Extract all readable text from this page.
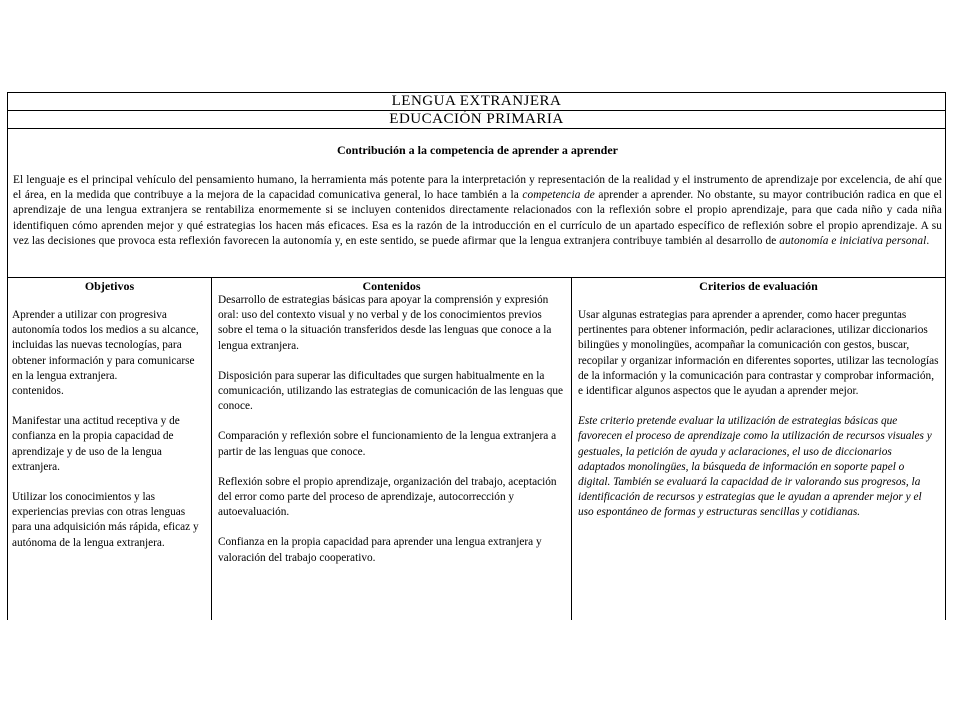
LENGUA EXTRANJERA
EDUCACIÓN PRIMARIA
Contribución a la competencia de aprender a aprender
El lenguaje es el principal vehículo del pensamiento humano, la herramienta más potente para la interpretación y representación de la realidad y el instrumento de aprendizaje por excelencia, de ahí que el área, en la medida que contribuye a la mejora de la capacidad comunicativa general, lo hace también a la competencia de aprender a aprender. No obstante, su mayor contribución radica en que el aprendizaje de una lengua extranjera se rentabiliza enormemente si se incluyen contenidos directamente relacionados con la reflexión sobre el propio aprendizaje, para que cada niño y cada niña identifiquen cómo aprenden mejor y qué estrategias los hacen más eficaces. Esa es la razón de la introducción en el currículo de un apartado específico de reflexión sobre el propio aprendizaje. A su vez las decisiones que provoca esta reflexión favorecen la autonomía y, en este sentido, se puede afirmar que la lengua extranjera contribuye también al desarrollo de autonomía e iniciativa personal.
Objetivos

Aprender a utilizar con progresiva autonomía todos los medios a su alcance, incluidas las nuevas tecnologías, para obtener información y para comunicarse en la lengua extranjera.

contenidos.

Manifestar una actitud receptiva y de confianza en la propia capacidad de aprendizaje y de uso de la lengua extranjera.

Utilizar los conocimientos y las experiencias previas con otras lenguas para una adquisición más rápida, eficaz y autónoma de la lengua extranjera.

Contenidos

Desarrollo de estrategias básicas para apoyar la comprensión y expresión oral: uso del contexto visual y no verbal y de los conocimientos previos sobre el tema o la situación transferidos desde las lenguas que conoce a la lengua extranjera.

Disposición para superar las dificultades que surgen habitualmente en la comunicación, utilizando las estrategias de comunicación de las lenguas que conoce.

Comparación y reflexión sobre el funcionamiento de la lengua extranjera a partir de las lenguas que conoce.

Reflexión sobre el propio aprendizaje, organización del trabajo, aceptación del error como parte del proceso de aprendizaje, autocorrección y autoevaluación.

Confianza en la propia capacidad para aprender una lengua extranjera y valoración del trabajo cooperativo.

Criterios de evaluación

Usar algunas estrategias para aprender a aprender, como hacer preguntas pertinentes para obtener información, pedir aclaraciones, utilizar diccionarios bilingües y monolingües, acompañar la comunicación con gestos, buscar, recopilar y organizar información en diferentes soportes, utilizar las tecnologías de la información y la comunicación para contrastar y comprobar información, e identificar algunos aspectos que le ayudan a aprender mejor.

Este criterio pretende evaluar la utilización de estrategias básicas que favorecen el proceso de aprendizaje como la utilización de recursos visuales y gestuales, la petición de ayuda y aclaraciones, el uso de diccionarios adaptados monolingües, la búsqueda de información en soporte papel o digital. También se evaluará la capacidad de ir valorando sus progresos, la identificación de recursos y estrategias que le ayudan a aprender mejor y el uso espontáneo de formas y estructuras sencillas y cotidianas.
